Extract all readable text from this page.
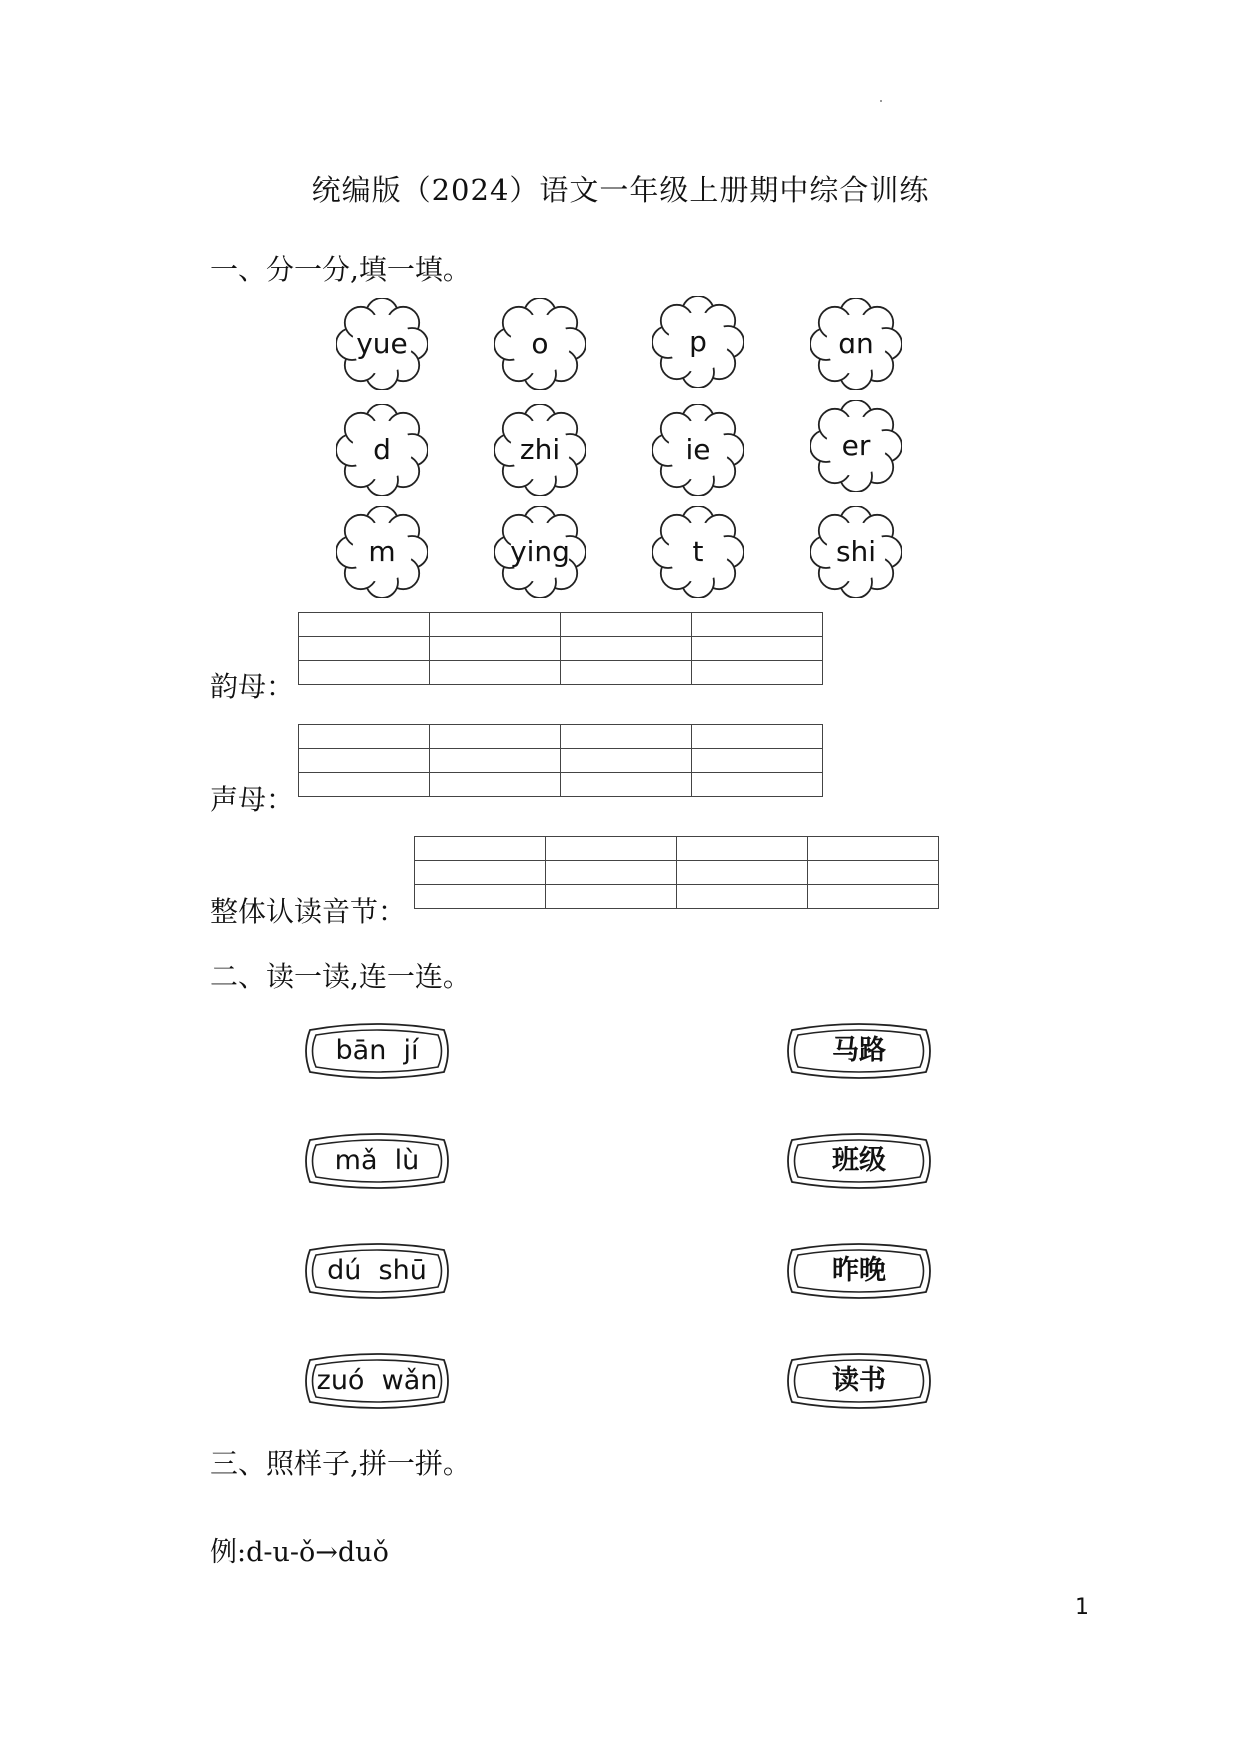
统编版（2024）语文一年级上册期中综合训练
一、分一分,填一填。
yue	o	p	ɑn
d	zhi	ie	er
m	ying	t	shi

韵母：

声母：

整体认读音节：
二、读一读,连一连。
bān  jí
mǎ  lù
dú  shū
zuó  wǎn
马路
班级
昨晚
读书
三、照样子,拼一拼。
例:d-u-ǒ→duǒ
1
